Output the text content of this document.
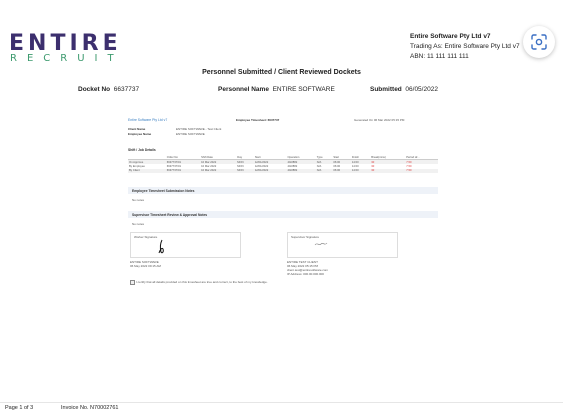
ENTIRE
RECRUIT
Entire Software Pty Ltd v7
Trading As: Entire Software Pty Ltd v7
ABN: 11 111 111 111
Personnel Submitted / Client Reviewed Dockets
Docket No 6637737	Personnel Name ENTIRE SOFTWARE	Submitted 06/05/2022
Entire Software Pty Ltd v7	Employee Timesheet: 6637737	Generated On 06 Mar 2022 05:15 PM
Client Name	ENTIRE SOFTWARE - Test Client
Employee Name	ENTIRE SOFTWARE
Shift / Job Details
	Order No	Shift Date	Day	Start	Operation	Type	Start	Finish	Break(mins)	Period Hr...
On Approve	6637737/01	10 Mar 2022	MON	12/01/2022	40/2882	N/A	06:00	14:00	30	7.50
By Employee	6637737/01	10 Mar 2022	MON	12/01/2022	40/2882	N/A	06:00	14:00	30	7.50
By Client	6637737/01	10 Mar 2022	MON	12/01/2022	40/2882	N/A	06:00	14:00	30	7.50
Employee Timesheet Submission Notes
No notes
Supervisor Timesheet Review & Approval Notes
No notes
Worker Signature	Supervisor Signature
ENTIRE SOFTWARE
06 May 2022 09:15 AM
ENTIRE TEST CLIENT
06 May 2022 05:15 PM
client.test@entiresoftware.com
IP Address: 000.00.000.000
I certify that all details provided on this timesheet are true and correct, to the best of my knowledge.
Page 1 of 3	Invoice No. N70002761
